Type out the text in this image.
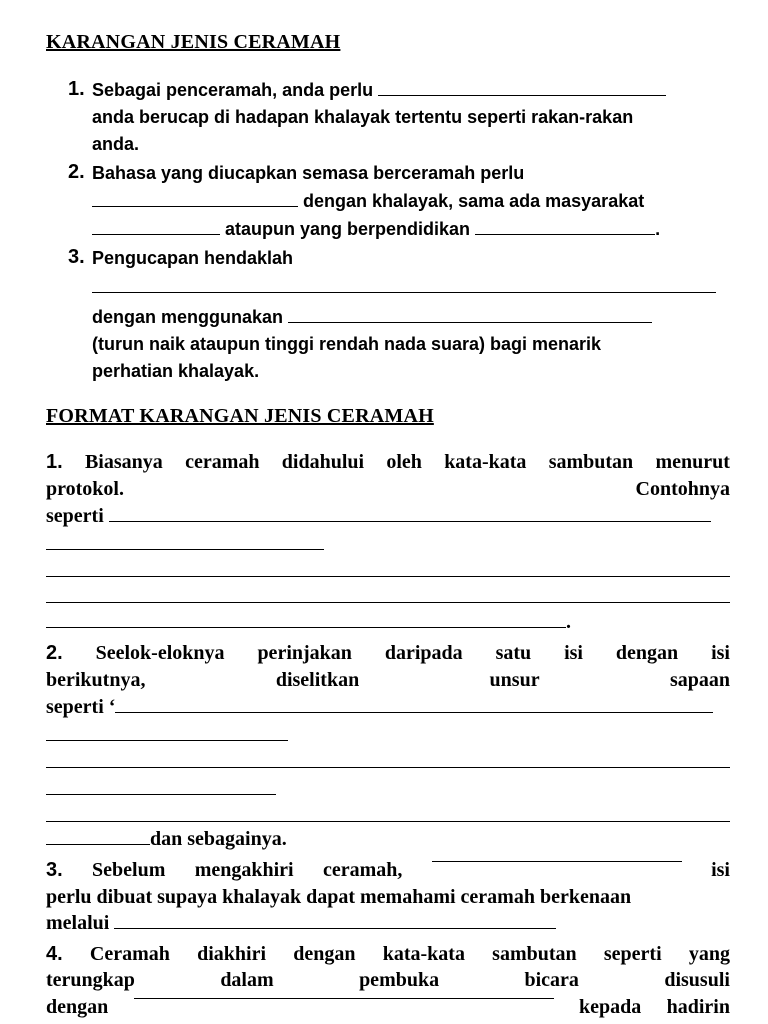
KARANGAN JENIS CERAMAH
1. Sebagai penceramah, anda perlu
anda berucap di hadapan khalayak tertentu seperti rakan-rakan
anda.
2. Bahasa yang diucapkan semasa berceramah perlu
dengan khalayak, sama ada masyarakat
ataupun yang berpendidikan	.
3. Pengucapan hendaklah
dengan menggunakan
(turun naik ataupun tinggi rendah nada suara) bagi menarik
perhatian khalayak.
FORMAT KARANGAN JENIS CERAMAH
1. Biasanya ceramah didahului oleh kata-kata sambutan menurut
protokol.	Contohnya
seperti
.
2. Seelok-eloknya perinjakan daripada satu isi dengan isi
berikutnya,	diselitkan	unsur	sapaan
seperti ‘
dan sebagainya.
3. Sebelum mengakhiri ceramah,	isi
perlu dibuat supaya khalayak dapat memahami ceramah berkenaan
melalui
4. Ceramah diakhiri dengan kata-kata sambutan seperti yang
terungkap	dalam	pembuka	bicara	disusuli
dengan	kepada hadirin
